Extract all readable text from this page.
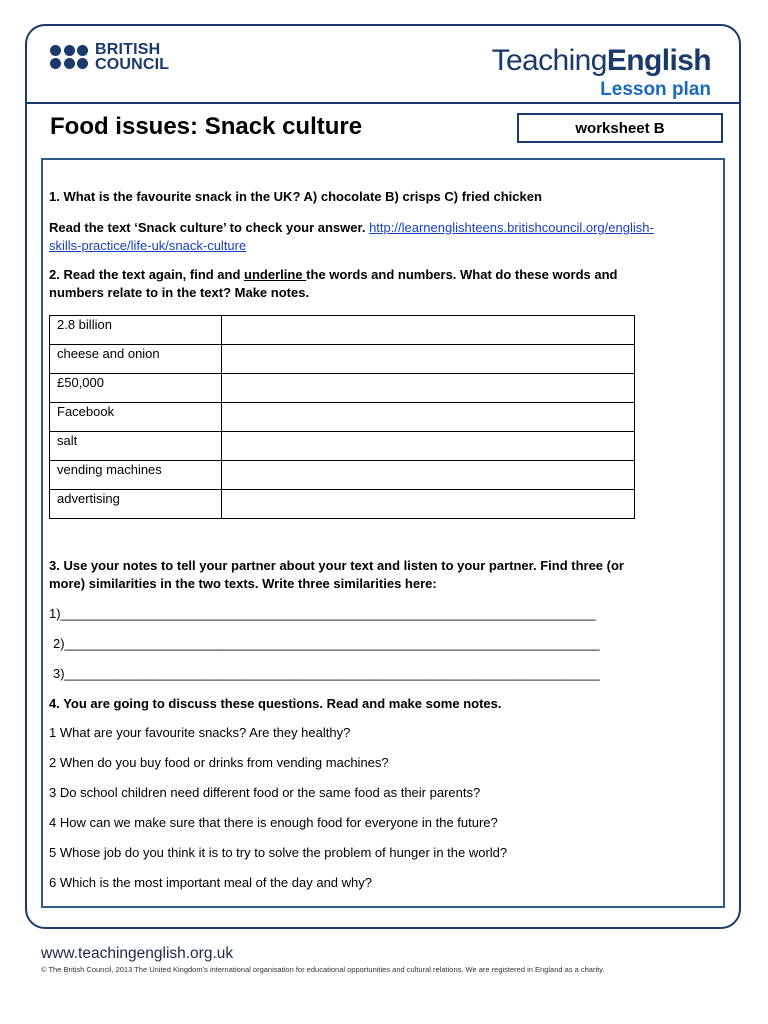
BRITISH
COUNCIL	TeachingEnglish
Lesson plan
Food issues: Snack culture	worksheet B
1. What is the favourite snack in the UK? A) chocolate B) crisps C) fried chicken
Read the text ‘Snack culture’ to check your answer. http://learnenglishteens.britishcouncil.org/english-
skills-practice/life-uk/snack-culture
2. Read the text again, find and underline the words and numbers. What do these words and
numbers relate to in the text? Make notes.
2.8 billion	
cheese and onion	
£50,000	
Facebook	
salt	
vending machines	
advertising	
3. Use your notes to tell your partner about your text and listen to your partner. Find three (or
more) similarities in the two texts. Write three similarities here:
1)__________________________________________________________________________
2)__________________________________________________________________________
3)__________________________________________________________________________
4. You are going to discuss these questions. Read and make some notes.
1 What are your favourite snacks? Are they healthy?
2 When do you buy food or drinks from vending machines?
3 Do school children need different food or the same food as their parents?
4 How can we make sure that there is enough food for everyone in the future?
5 Whose job do you think it is to try to solve the problem of hunger in the world?
6 Which is the most important meal of the day and why?
www.teachingenglish.org.uk
© The British Council, 2013 The United Kingdom’s international organisation for educational opportunities and cultural relations. We are registered in England as a charity.
